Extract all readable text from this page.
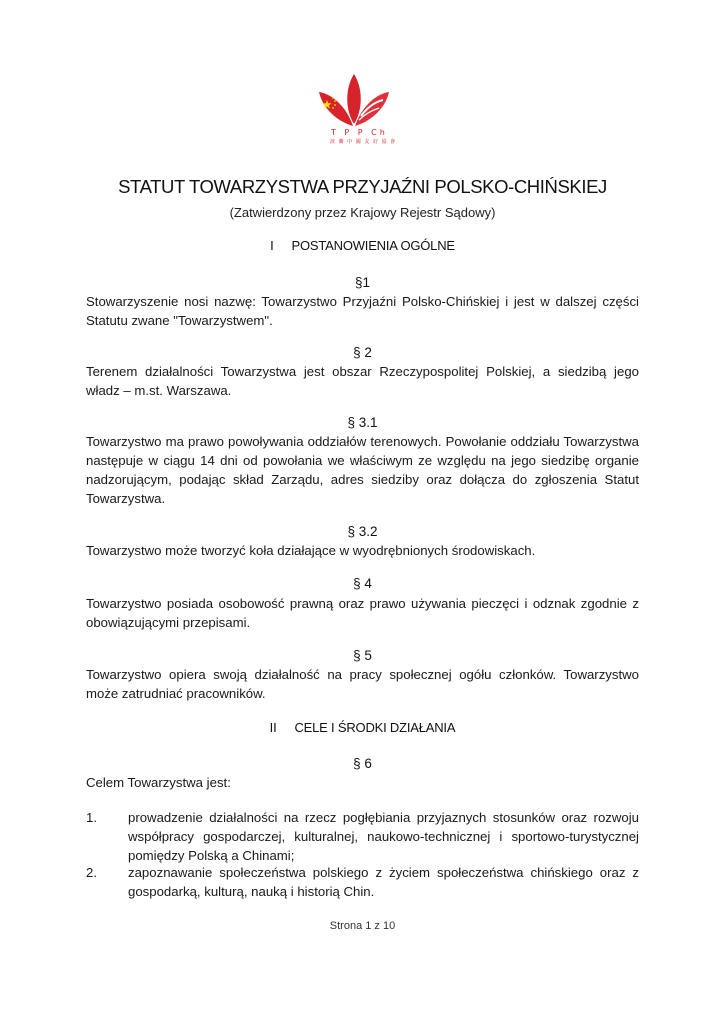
T P P Ch
波 蘭 中 國 友 好 協 會
STATUT TOWARZYSTWA PRZYJAŹNI POLSKO-CHIŃSKIEJ
(Zatwierdzony przez Krajowy Rejestr Sądowy)
I POSTANOWIENIA OGÓLNE
§1
Stowarzyszenie nosi nazwę: Towarzystwo Przyjaźni Polsko-Chińskiej i jest w dalszej części Statutu zwane "Towarzystwem".
§ 2
Terenem działalności Towarzystwa jest obszar Rzeczypospolitej Polskiej, a siedzibą jego władz – m.st. Warszawa.
§ 3.1
Towarzystwo ma prawo powoływania oddziałów terenowych. Powołanie oddziału Towarzystwa następuje w ciągu 14 dni od powołania we właściwym ze względu na jego siedzibę organie nadzorującym, podając skład Zarządu, adres siedziby oraz dołącza do zgłoszenia Statut Towarzystwa.
§ 3.2
Towarzystwo może tworzyć koła działające w wyodrębnionych środowiskach.
§ 4
Towarzystwo posiada osobowość prawną oraz prawo używania pieczęci i odznak zgodnie z obowiązującymi przepisami.
§ 5
Towarzystwo opiera swoją działalność na pracy społecznej ogółu członków. Towarzystwo może zatrudniać pracowników.
II CELE I ŚRODKI DZIAŁANIA
§ 6
Celem Towarzystwa jest:
1.	prowadzenie działalności na rzecz pogłębiania przyjaznych stosunków oraz rozwoju współpracy gospodarczej, kulturalnej, naukowo-technicznej i sportowo-turystycznej pomiędzy Polską a Chinami;
2.	zapoznawanie społeczeństwa polskiego z życiem społeczeństwa chińskiego oraz z gospodarką, kulturą, nauką i historią Chin.
Strona 1 z 10
